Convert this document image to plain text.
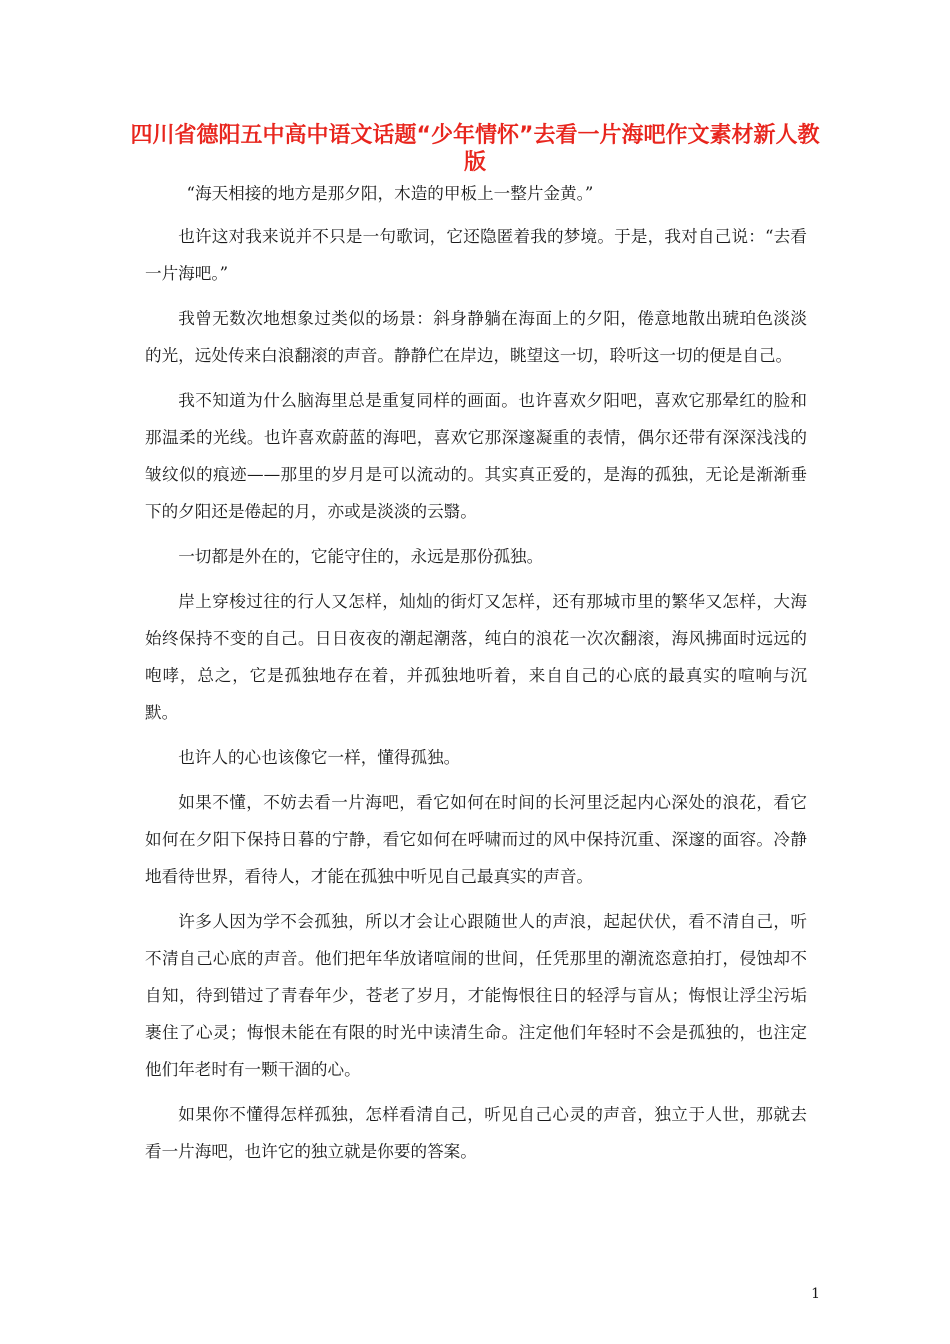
四川省德阳五中高中语文话题“少年情怀”去看一片海吧作文素材新人教版

“海天相接的地方是那夕阳，木造的甲板上一整片金黄。”

也许这对我来说并不只是一句歌词，它还隐匿着我的梦境。于是，我对自己说：“去看一片海吧。”

我曾无数次地想象过类似的场景：斜身静躺在海面上的夕阳，倦意地散出琥珀色淡淡的光，远处传来白浪翻滚的声音。静静伫在岸边，眺望这一切，聆听这一切的便是自己。

我不知道为什么脑海里总是重复同样的画面。也许喜欢夕阳吧，喜欢它那晕红的脸和那温柔的光线。也许喜欢蔚蓝的海吧，喜欢它那深邃凝重的表情，偶尔还带有深深浅浅的皱纹似的痕迹——那里的岁月是可以流动的。其实真正爱的，是海的孤独，无论是渐渐垂下的夕阳还是倦起的月，亦或是淡淡的云翳。

一切都是外在的，它能守住的，永远是那份孤独。

岸上穿梭过往的行人又怎样，灿灿的街灯又怎样，还有那城市里的繁华又怎样，大海始终保持不变的自己。日日夜夜的潮起潮落，纯白的浪花一次次翻滚，海风拂面时远远的咆哮，总之，它是孤独地存在着，并孤独地听着，来自自己的心底的最真实的喧响与沉默。

也许人的心也该像它一样，懂得孤独。

如果不懂，不妨去看一片海吧，看它如何在时间的长河里泛起内心深处的浪花，看它如何在夕阳下保持日暮的宁静，看它如何在呼啸而过的风中保持沉重、深邃的面容。冷静地看待世界，看待人，才能在孤独中听见自己最真实的声音。

许多人因为学不会孤独，所以才会让心跟随世人的声浪，起起伏伏，看不清自己，听不清自己心底的声音。他们把年华放诸喧闹的世间，任凭那里的潮流恣意拍打，侵蚀却不自知，待到错过了青春年少，苍老了岁月，才能悔恨往日的轻浮与盲从；悔恨让浮尘污垢裹住了心灵；悔恨未能在有限的时光中读清生命。注定他们年轻时不会是孤独的，也注定他们年老时有一颗干涸的心。

如果你不懂得怎样孤独，怎样看清自己，听见自己心灵的声音，独立于人世，那就去看一片海吧，也许它的独立就是你要的答案。

1
